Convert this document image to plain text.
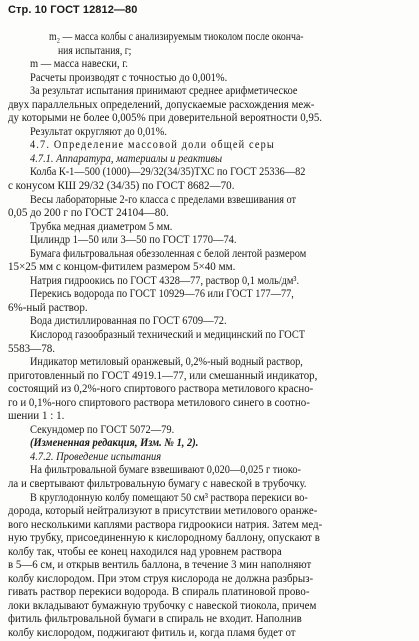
Стр. 10 ГОСТ 12812—80
m₂ — масса колбы с анализируемым тиоколом после оконча-
ния испытания, г;
m — масса навески, г.
Расчеты производят с точностью до 0,001%.
За результат испытания принимают среднее арифметическое
двух параллельных определений, допускаемые расхождения меж-
ду которыми не более 0,005% при доверительной вероятности 0,95.
Результат округляют до 0,01%.
4.7. Определение массовой доли общей серы
4.7.1. Аппаратура, материалы и реактивы
Колба К-1—500 (1000)—29/32(34/35)ТХС по ГОСТ 25336—82
с конусом КШ 29/32 (34/35) по ГОСТ 8682—70.
Весы лабораторные 2-го класса с пределами взвешивания от
0,05 до 200 г по ГОСТ 24104—80.
Трубка медная диаметром 5 мм.
Цилиндр 1—50 или 3—50 по ГОСТ 1770—74.
Бумага фильтровальная обеззоленная с белой лентой размером
15×25 мм с концом-фитилем размером 5×40 мм.
Натрия гидроокись по ГОСТ 4328—77, раствор 0,1 моль/дм³.
Перекись водорода по ГОСТ 10929—76 или ГОСТ 177—77,
6%-ный раствор.
Вода дистиллированная по ГОСТ 6709—72.
Кислород газообразный технический и медицинский по ГОСТ
5583—78.
Индикатор метиловый оранжевый, 0,2%-ный водный раствор,
приготовленный по ГОСТ 4919.1—77, или смешанный индикатор,
состоящий из 0,2%-ного спиртового раствора метилового красно-
го и 0,1%-ного спиртового раствора метилового синего в соотно-
шении 1 : 1.
Секундомер по ГОСТ 5072—79.
(Измененная редакция, Изм. № 1, 2).
4.7.2. Проведение испытания
На фильтровальной бумаге взвешивают 0,020—0,025 г тиоко-
ла и свертывают фильтровальную бумагу с навеской в трубочку.
В круглодонную колбу помещают 50 см³ раствора перекиси во-
дорода, который нейтрализуют в присутствии метилового оранже-
вого несколькими каплями раствора гидроокиси натрия. Затем мед-
ную трубку, присоединенную к кислородному баллону, опускают в
колбу так, чтобы ее конец находился над уровнем раствора
в 5—6 см, и открыв вентиль баллона, в течение 3 мин наполняют
колбу кислородом. При этом струя кислорода не должна разбрыз-
гивать раствор перекиси водорода. В спираль платиновой прово-
локи вкладывают бумажную трубочку с навеской тиокола, причем
фитиль фильтровальной бумаги в спираль не входит. Наполнив
колбу кислородом, поджигают фитиль и, когда пламя будет от
